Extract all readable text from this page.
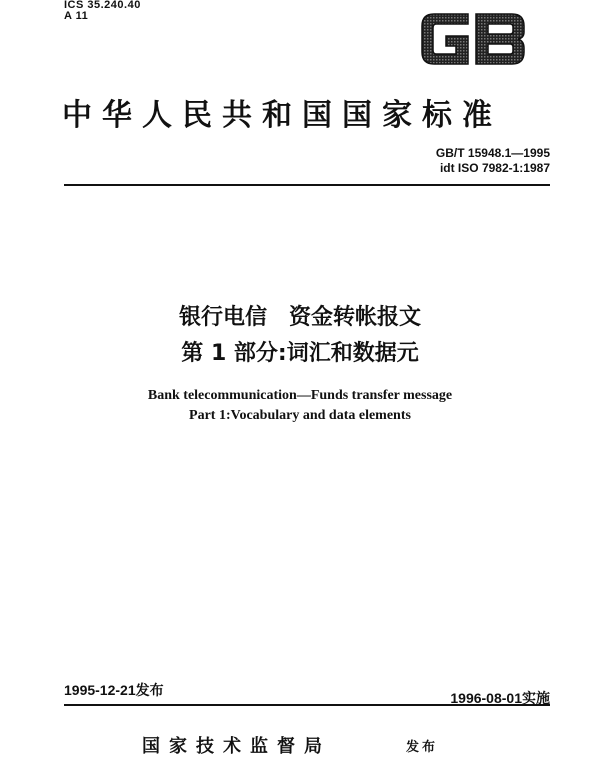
ICS 35.240.40
A 11
中华人民共和国国家标准
GB/T 15948.1—1995
idt ISO 7982-1:1987
银行电信　资金转帐报文
第 1 部分:词汇和数据元
Bank telecommunication—Funds transfer message
Part 1:Vocabulary and data elements
1995-12-21发布	1996-08-01实施
国家技术监督局	发布
